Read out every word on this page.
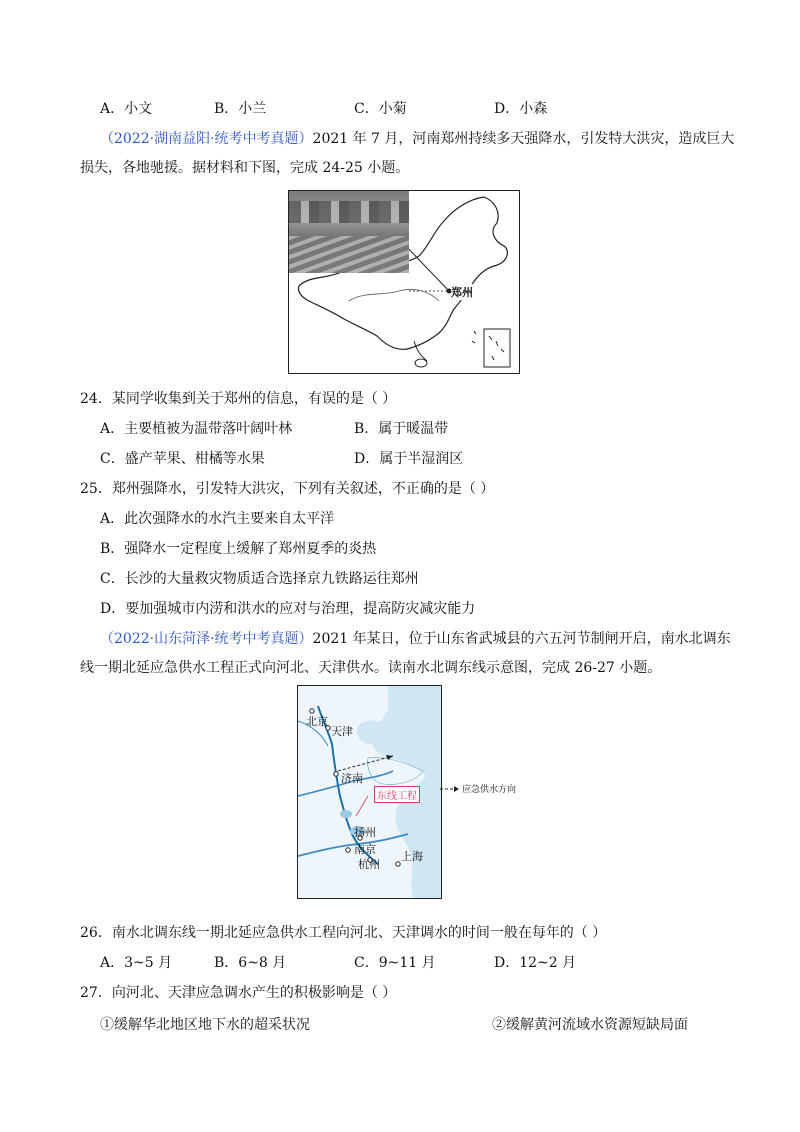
A．小文	B．小兰	C．小菊	D．小森
（2022·湖南益阳·统考中考真题）2021 年 7 月，河南郑州持续多天强降水，引发特大洪灾，造成巨大
损失，各地驰援。据材料和下图，完成 24-25 小题。
郑州
24．某同学收集到关于郑州的信息，有误的是（ ）
A．主要植被为温带落叶阔叶林	B．属于暖温带
C．盛产苹果、柑橘等水果	D．属于半湿润区
25．郑州强降水，引发特大洪灾，下列有关叙述，不正确的是（ ）
A．此次强降水的水汽主要来自太平洋
B．强降水一定程度上缓解了郑州夏季的炎热
C．长沙的大量救灾物质适合选择京九铁路运往郑州
D．要加强城市内涝和洪水的应对与治理，提高防灾减灾能力
（2022·山东菏泽·统考中考真题）2021 年某日，位于山东省武城县的六五河节制闸开启，南水北调东
线一期北延应急供水工程正式向河北、天津供水。读南水北调东线示意图，完成 26-27 小题。
北京
天津
济南
扬州
南京
杭州
上海
东线工程
应急供水方向
26．南水北调东线一期北延应急供水工程向河北、天津调水的时间一般在每年的（ ）
A．3~5 月	B．6~8 月	C．9~11 月	D．12~2 月
27．向河北、天津应急调水产生的积极影响是（ ）
①缓解华北地区地下水的超采状况	②缓解黄河流域水资源短缺局面
